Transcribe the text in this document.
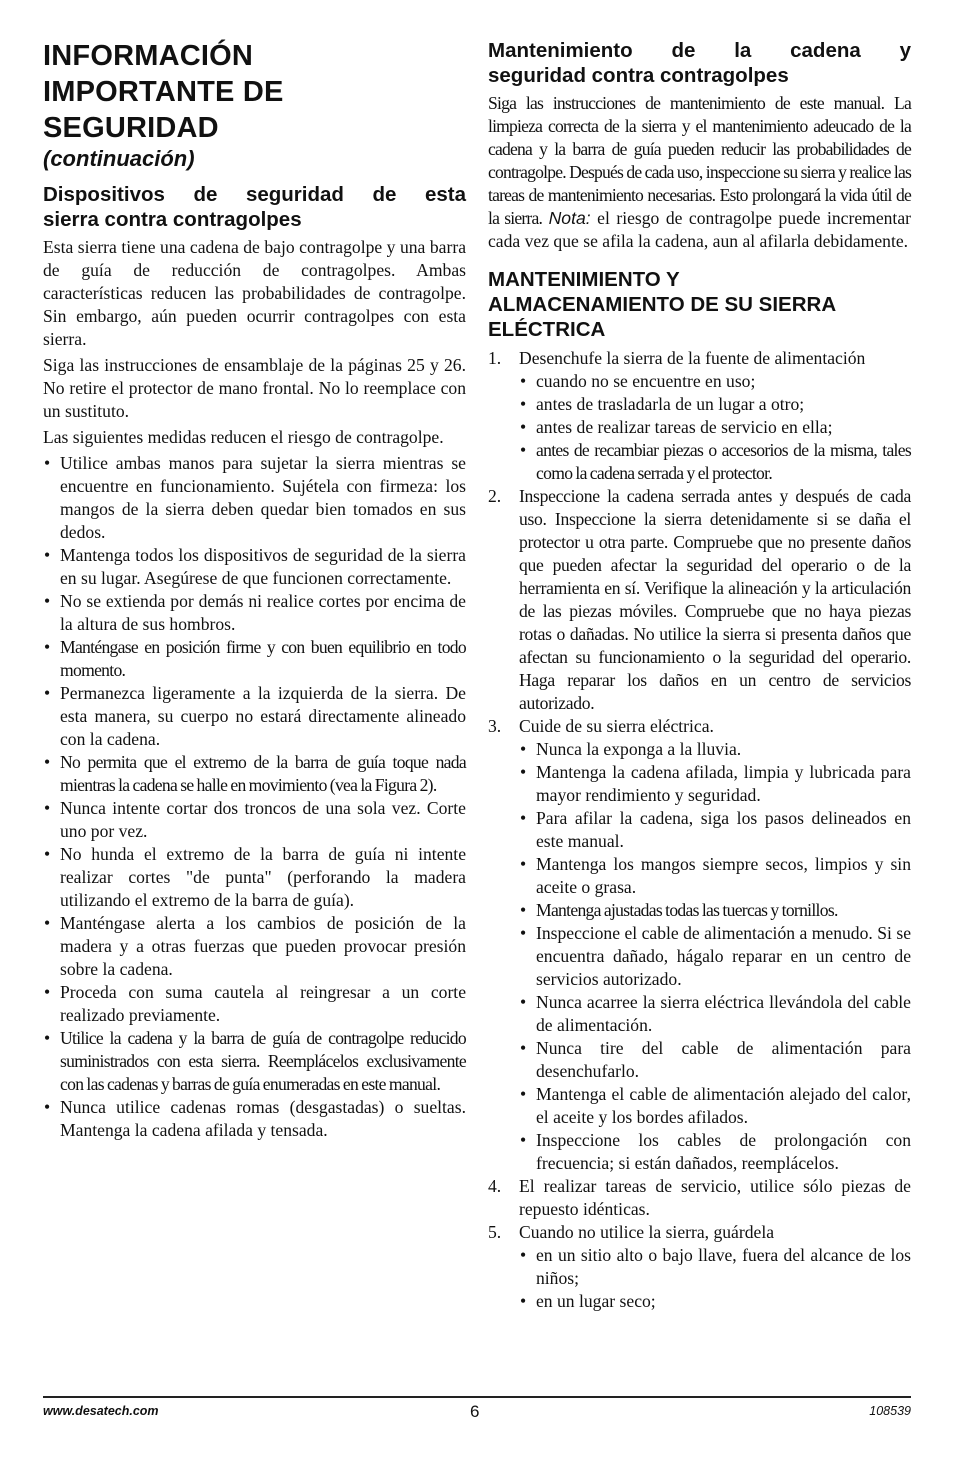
INFORMACIÓN
IMPORTANTE DE
SEGURIDAD
(continuación)
Dispositivos de seguridad de esta
sierra contra contragolpes

Esta sierra tiene una cadena de bajo contragolpe y una barra de guía de reducción de contragolpes. Ambas características reducen las probabilidades de contragolpe. Sin embargo, aún pueden ocurrir contragolpes con esta sierra.

Siga las instrucciones de ensamblaje de la páginas 25 y 26. No retire el protector de mano frontal. No lo reemplace con un sustituto.

Las siguientes medidas reducen el riesgo de contragolpe.

• Utilice ambas manos para sujetar la sierra mientras se encuentre en funcionamiento. Sujétela con firmeza: los mangos de la sierra deben quedar bien tomados en sus dedos.
• Mantenga todos los dispositivos de seguridad de la sierra en su lugar. Asegúrese de que funcionen correctamente.
• No se extienda por demás ni realice cortes por encima de la altura de sus hombros.
• Manténgase en posición firme y con buen equilibrio en todo momento.
• Permanezca ligeramente a la izquierda de la sierra. De esta manera, su cuerpo no estará directamente alineado con la cadena.
• No permita que el extremo de la barra de guía toque nada mientras la cadena se halle en movimiento (vea la Figura 2).
• Nunca intente cortar dos troncos de una sola vez. Corte uno por vez.
• No hunda el extremo de la barra de guía ni intente realizar cortes "de punta" (perforando la madera utilizando el extremo de la barra de guía).
• Manténgase alerta a los cambios de posición de la madera y a otras fuerzas que pueden provocar presión sobre la cadena.
• Proceda con suma cautela al reingresar a un corte realizado previamente.
• Utilice la cadena y la barra de guía de contragolpe reducido suministrados con esta sierra. Reemplácelos exclusivamente con las cadenas y barras de guía enumeradas en este manual.
• Nunca utilice cadenas romas (desgastadas) o sueltas. Mantenga la cadena afilada y tensada.
Mantenimiento de la cadena y
seguridad contra contragolpes

Siga las instrucciones de mantenimiento de este manual. La limpieza correcta de la sierra y el mantenimiento adeucado de la cadena y la barra de guía pueden reducir las probabilidades de contragolpe. Después de cada uso, inspeccione su sierra y realice las tareas de mantenimiento necesarias. Esto prolongará la vida útil de la sierra. Nota: el riesgo de contragolpe puede incrementar cada vez que se afila la cadena, aun al afilarla debidamente.

MANTENIMIENTO Y
ALMACENAMIENTO DE SU SIERRA
ELÉCTRICA
1. Desenchufe la sierra de la fuente de alimentación
• cuando no se encuentre en uso;
• antes de trasladarla de un lugar a otro;
• antes de realizar tareas de servicio en ella;
• antes de recambiar piezas o accesorios de la misma, tales como la cadena serrada y el protector.
2. Inspeccione la cadena serrada antes y después de cada uso. Inspeccione la sierra detenidamente si se daña el protector u otra parte. Compruebe que no presente daños que pueden afectar la seguridad del operario o de la herramienta en sí. Verifique la alineación y la articulación de las piezas móviles. Compruebe que no haya piezas rotas o dañadas. No utilice la sierra si presenta daños que afectan su funcionamiento o la seguridad del operario. Haga reparar los daños en un centro de servicios autorizado.
3. Cuide de su sierra eléctrica.
• Nunca la exponga a la lluvia.
• Mantenga la cadena afilada, limpia y lubricada para mayor rendimiento y seguridad.
• Para afilar la cadena, siga los pasos delineados en este manual.
• Mantenga los mangos siempre secos, limpios y sin aceite o grasa.
• Mantenga ajustadas todas las tuercas y tornillos.
• Inspeccione el cable de alimentación a menudo. Si se encuentra dañado, hágalo reparar en un centro de servicios autorizado.
• Nunca acarree la sierra eléctrica llevándola del cable de alimentación.
• Nunca tire del cable de alimentación para desenchufarlo.
• Mantenga el cable de alimentación alejado del calor, el aceite y los bordes afilados.
• Inspeccione los cables de prolongación con frecuencia; si están dañados, reemplácelos.
4. El realizar tareas de servicio, utilice sólo piezas de repuesto idénticas.
5. Cuando no utilice la sierra, guárdela
• en un sitio alto o bajo llave, fuera del alcance de los niños;
• en un lugar seco;
www.desatech.com	6	108539
